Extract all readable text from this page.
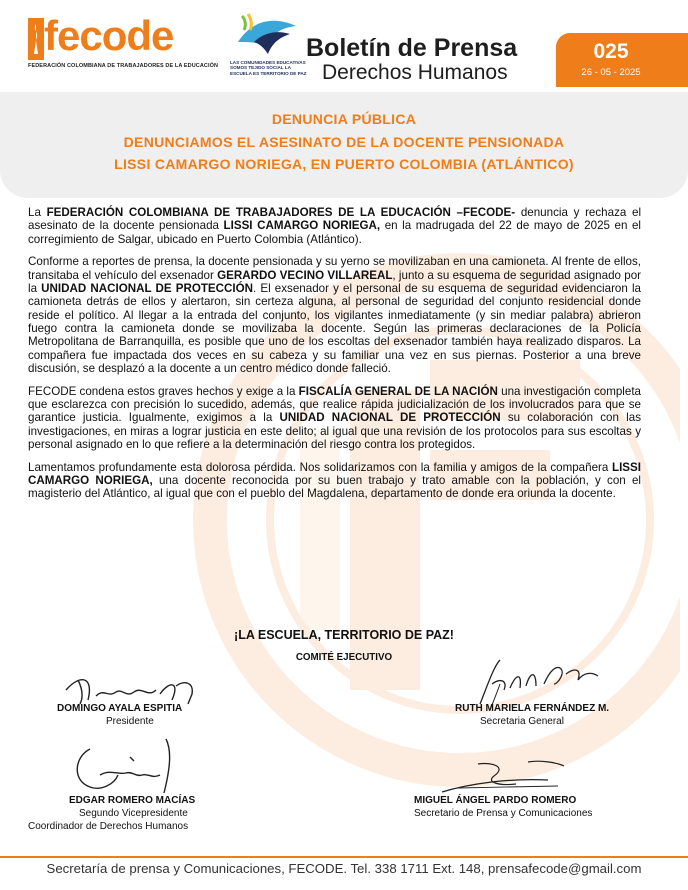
fecode
FEDERACIÓN COLOMBIANA DE TRABAJADORES DE LA EDUCACIÓN
LAS COMUNIDADES EDUCATIVAS SOMOS TEJIDO SOCIAL LA ESCUELA ES TERRITORIO DE PAZ
Boletín de Prensa
Derechos Humanos
025
26 - 05 - 2025
DENUNCIA PÚBLICA
DENUNCIAMOS EL ASESINATO DE LA DOCENTE PENSIONADA
LISSI CAMARGO NORIEGA, EN PUERTO COLOMBIA (ATLÁNTICO)

La FEDERACIÓN COLOMBIANA DE TRABAJADORES DE LA EDUCACIÓN –FECODE- denuncia y rechaza el asesinato de la docente pensionada LISSI CAMARGO NORIEGA, en la madrugada del 22 de mayo de 2025 en el corregimiento de Salgar, ubicado en Puerto Colombia (Atlántico).

Conforme a reportes de prensa, la docente pensionada y su yerno se movilizaban en una camioneta. Al frente de ellos, transitaba el vehículo del exsenador GERARDO VECINO VILLAREAL, junto a su esquema de seguridad asignado por la UNIDAD NACIONAL DE PROTECCIÓN. El exsenador y el personal de su esquema de seguridad evidenciaron la camioneta detrás de ellos y alertaron, sin certeza alguna, al personal de seguridad del conjunto residencial donde reside el político. Al llegar a la entrada del conjunto, los vigilantes inmediatamente (y sin mediar palabra) abrieron fuego contra la camioneta donde se movilizaba la docente. Según las primeras declaraciones de la Policía Metropolitana de Barranquilla, es posible que uno de los escoltas del exsenador también haya realizado disparos. La compañera fue impactada dos veces en su cabeza y su familiar una vez en sus piernas. Posterior a una breve discusión, se desplazó a la docente a un centro médico donde falleció.

FECODE condena estos graves hechos y exige a la FISCALÍA GENERAL DE LA NACIÓN una investigación completa que esclarezca con precisión lo sucedido, además, que realice rápida judicialización de los involucrados para que se garantice justicia. Igualmente, exigimos a la UNIDAD NACIONAL DE PROTECCIÓN su colaboración con las investigaciones, en miras a lograr justicia en este delito; al igual que una revisión de los protocolos para sus escoltas y personal asignado en lo que refiere a la determinación del riesgo contra los protegidos.

Lamentamos profundamente esta dolorosa pérdida. Nos solidarizamos con la familia y amigos de la compañera LISSI CAMARGO NORIEGA, una docente reconocida por su buen trabajo y trato amable con la población, y con el magisterio del Atlántico, al igual que con el pueblo del Magdalena, departamento de donde era oriunda la docente.

¡LA ESCUELA, TERRITORIO DE PAZ!
COMITÉ EJECUTIVO
DOMINGO AYALA ESPITIA
Presidente
RUTH MARIELA FERNÁNDEZ M.
Secretaria General
EDGAR ROMERO MACÍAS
Segundo Vicepresidente
Coordinador de Derechos Humanos
MIGUEL ÁNGEL PARDO ROMERO
Secretario de Prensa y Comunicaciones
Secretaría de prensa y Comunicaciones, FECODE. Tel. 338 1711 Ext. 148, prensafecode@gmail.com
